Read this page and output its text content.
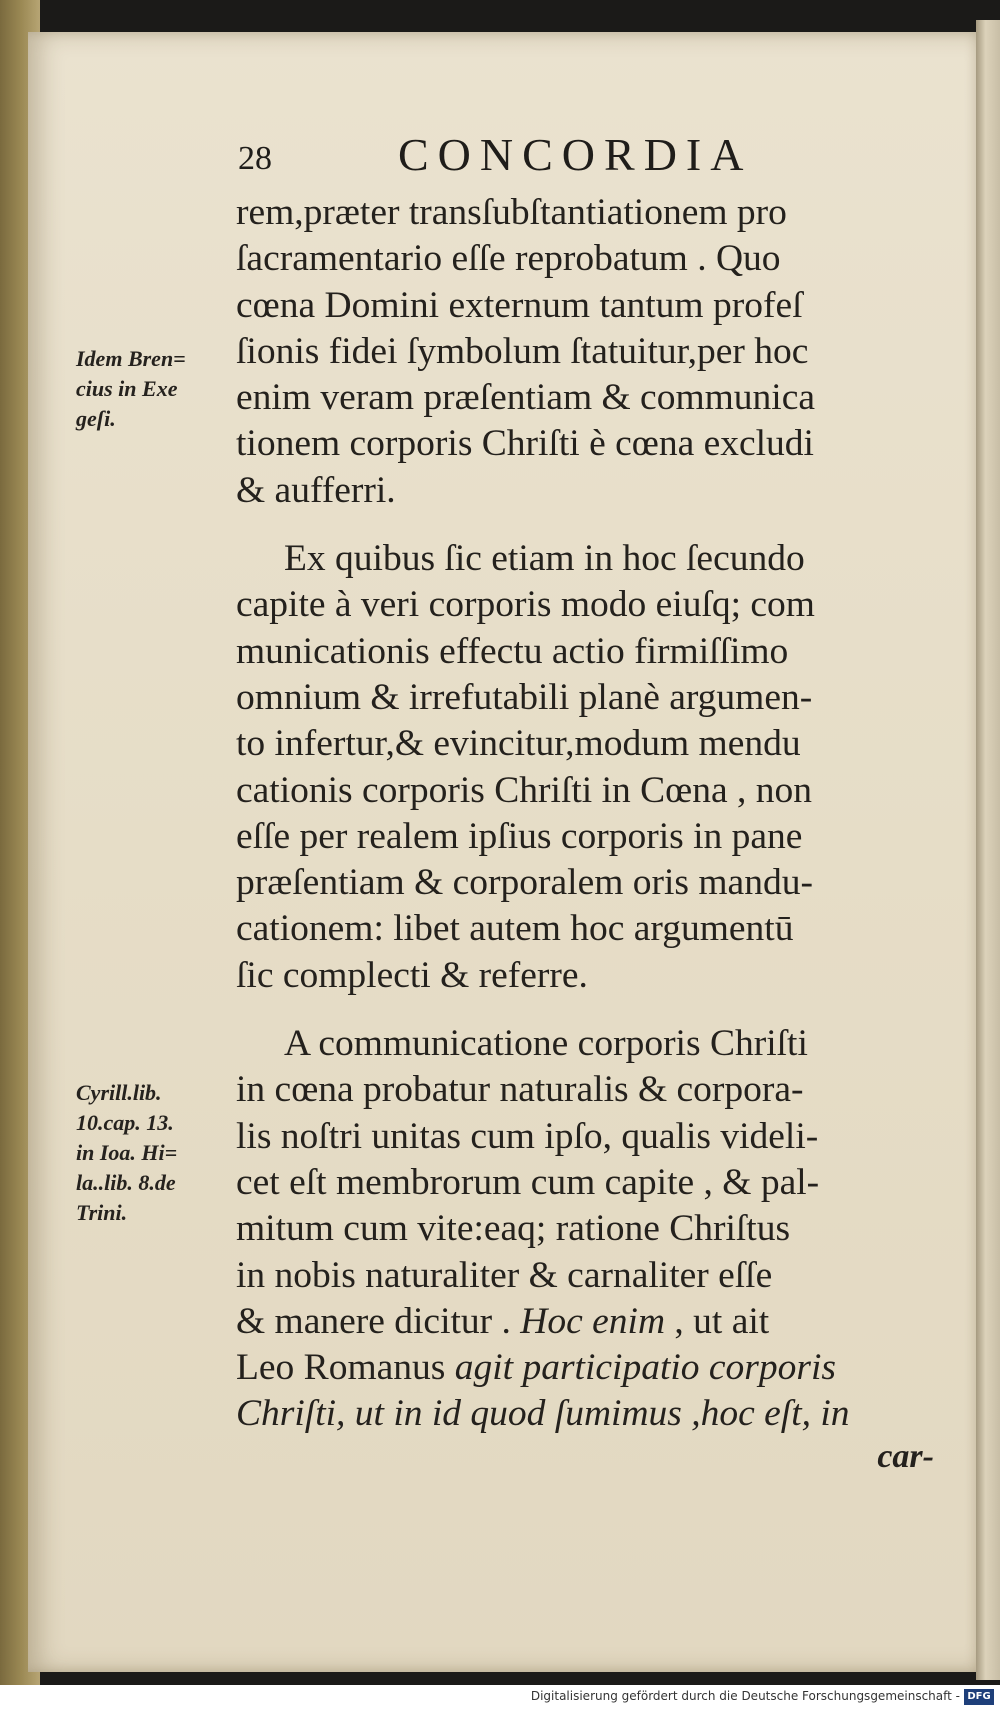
28	CONCORDIA
Idem Bren=
cius in Exe
geſi.
Cyrill.lib.
10.cap. 13.
in Ioa. Hi=
la..lib. 8.de
Trini.
rem,præter transſubſtantiationem pro
ſacramentario eſſe reprobatum . Quo
cœna Domini externum tantum profeſ
ſionis fidei ſymbolum ſtatuitur,per hoc
enim veram præſentiam & communica
tionem corporis Chriſti è cœna excludi
& aufferri.
Ex quibus ſic etiam in hoc ſecundo
capite à veri corporis modo eiuſq; com
municationis effectu actio firmiſſimo
omnium & irrefutabili planè argumen-
to infertur,& evincitur,modum mendu
cationis corporis Chriſti in Cœna , non
eſſe per realem ipſius corporis in pane
præſentiam & corporalem oris mandu-
cationem: libet autem hoc argumentū
ſic complecti & referre.
A communicatione corporis Chriſti
in cœna probatur naturalis & corpora-
lis noſtri unitas cum ipſo, qualis videli-
cet eſt membrorum cum capite , & pal-
mitum cum vite:eaq; ratione Chriſtus
in nobis naturaliter & carnaliter eſſe
& manere dicitur . Hoc enim , ut ait
Leo Romanus agit participatio corporis
Chriſti, ut in id quod ſumimus ,hoc eſt, in
car-
Digitalisierung gefördert durch die Deutsche Forschungsgemeinschaft - DFG
